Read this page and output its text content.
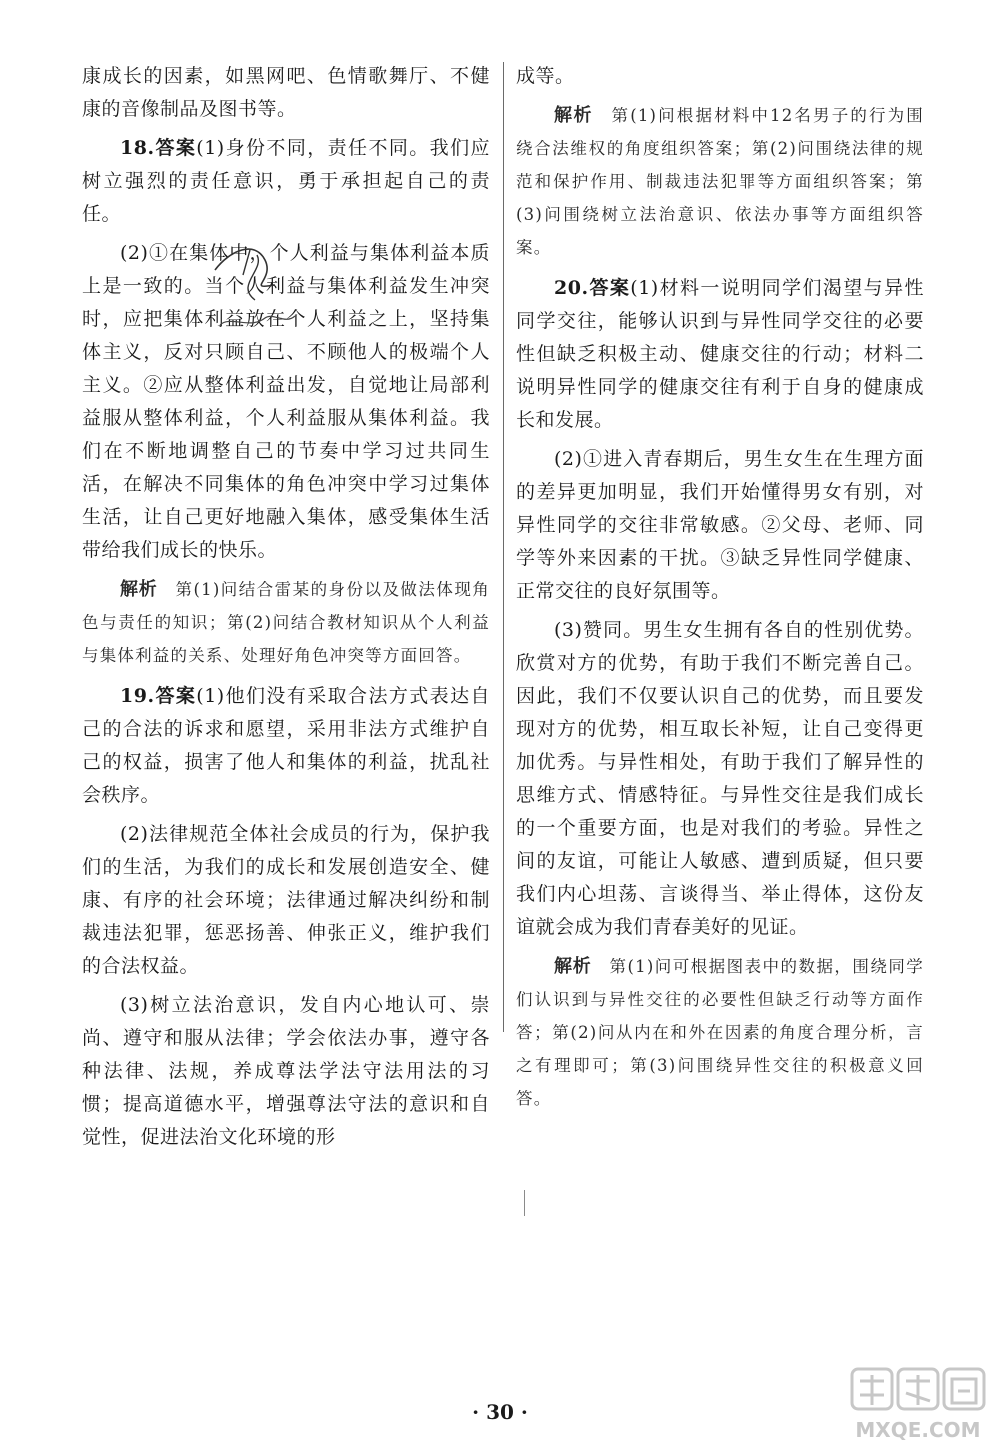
康成长的因素，如黑网吧、色情歌舞厅、不健康的音像制品及图书等。

18.答案(1)身份不同，责任不同。我们应树立强烈的责任意识，勇于承担起自己的责任。

(2)①在集体中，个人利益与集体利益本质上是一致的。当个人利益与集体利益发生冲突时，应把集体利益放在个人利益之上，坚持集体主义，反对只顾自己、不顾他人的极端个人主义。②应从整体利益出发，自觉地让局部利益服从整体利益，个人利益服从集体利益。我们在不断地调整自己的节奏中学习过共同生活，在解决不同集体的角色冲突中学习过集体生活，让自己更好地融入集体，感受集体生活带给我们成长的快乐。

解析  第(1)问结合雷某的身份以及做法体现角色与责任的知识；第(2)问结合教材知识从个人利益与集体利益的关系、处理好角色冲突等方面回答。

19.答案(1)他们没有采取合法方式表达自己的合法的诉求和愿望，采用非法方式维护自己的权益，损害了他人和集体的利益，扰乱社会秩序。

(2)法律规范全体社会成员的行为，保护我们的生活，为我们的成长和发展创造安全、健康、有序的社会环境；法律通过解决纠纷和制裁违法犯罪，惩恶扬善、伸张正义，维护我们的合法权益。

(3)树立法治意识，发自内心地认可、崇尚、遵守和服从法律；学会依法办事，遵守各种法律、法规，养成尊法学法守法用法的习惯；提高道德水平，增强尊法守法的意识和自觉性，促进法治文化环境的形

成等。

解析  第(1)问根据材料中12名男子的行为围绕合法维权的角度组织答案；第(2)问围绕法律的规范和保护作用、制裁违法犯罪等方面组织答案；第(3)问围绕树立法治意识、依法办事等方面组织答案。

20.答案(1)材料一说明同学们渴望与异性同学交往，能够认识到与异性同学交往的必要性但缺乏积极主动、健康交往的行动；材料二说明异性同学的健康交往有利于自身的健康成长和发展。

(2)①进入青春期后，男生女生在生理方面的差异更加明显，我们开始懂得男女有别，对异性同学的交往非常敏感。②父母、老师、同学等外来因素的干扰。③缺乏异性同学健康、正常交往的良好氛围等。

(3)赞同。男生女生拥有各自的性别优势。欣赏对方的优势，有助于我们不断完善自己。因此，我们不仅要认识自己的优势，而且要发现对方的优势，相互取长补短，让自己变得更加优秀。与异性相处，有助于我们了解异性的思维方式、情感特征。与异性交往是我们成长的一个重要方面，也是对我们的考验。异性之间的友谊，可能让人敏感、遭到质疑，但只要我们内心坦荡、言谈得当、举止得体，这份友谊就会成为我们青春美好的见证。

解析  第(1)问可根据图表中的数据，围绕同学们认识到与异性交往的必要性但缺乏行动等方面作答；第(2)问从内在和外在因素的角度合理分析，言之有理即可；第(3)问围绕异性交往的积极意义回答。

· 30 ·
MXQE.COM
